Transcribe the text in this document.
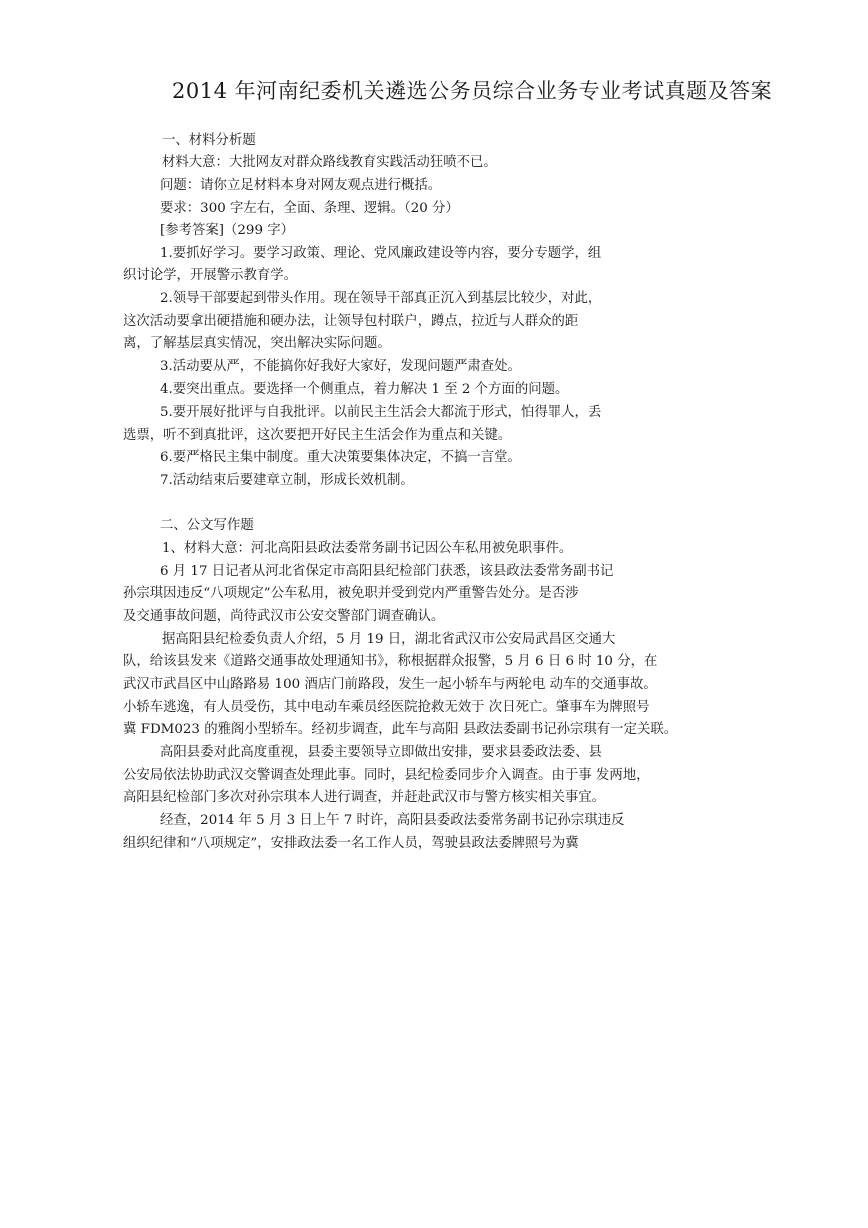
2014 年河南纪委机关遴选公务员综合业务专业考试真题及答案
一、材料分析题
材料大意：大批网友对群众路线教育实践活动狂喷不已。
问题：请你立足材料本身对网友观点进行概括。
要求：300 字左右，全面、条理、逻辑。（20 分）
[参考答案]（299 字）
1.要抓好学习。要学习政策、理论、党风廉政建设等内容，要分专题学，组
织讨论学，开展警示教育学。
2.领导干部要起到带头作用。现在领导干部真正沉入到基层比较少，对此，
这次活动要拿出硬措施和硬办法，让领导包村联户，蹲点，拉近与人群众的距
离，了解基层真实情况，突出解决实际问题。
3.活动要从严，不能搞你好我好大家好，发现问题严肃查处。
4.要突出重点。要选择一个侧重点，着力解决 1 至 2 个方面的问题。
5.要开展好批评与自我批评。以前民主生活会大都流于形式，怕得罪人，丢
选票，听不到真批评，这次要把开好民主生活会作为重点和关键。
6.要严格民主集中制度。重大决策要集体决定，不搞一言堂。
7.活动结束后要建章立制，形成长效机制。
二、公文写作题
1、材料大意：河北高阳县政法委常务副书记因公车私用被免职事件。
6 月 17 日记者从河北省保定市高阳县纪检部门获悉，该县政法委常务副书记
孙宗琪因违反“八项规定”公车私用，被免职并受到党内严重警告处分。是否涉
及交通事故问题，尚待武汉市公安交警部门调查确认。
据高阳县纪检委负责人介绍，5 月 19 日，湖北省武汉市公安局武昌区交通大
队，给该县发来《道路交通事故处理通知书》，称根据群众报警，5 月 6 日 6 时 10 分，在
武汉市武昌区中山路路易 100 酒店门前路段，发生一起小轿车与两轮电 动车的交通事故。
小轿车逃逸，有人员受伤，其中电动车乘员经医院抢救无效于 次日死亡。肇事车为牌照号
冀 FDM023 的雅阁小型轿车。经初步调查，此车与高阳 县政法委副书记孙宗琪有一定关联。
高阳县委对此高度重视，县委主要领导立即做出安排，要求县委政法委、县
公安局依法协助武汉交警调查处理此事。同时，县纪检委同步介入调查。由于事 发两地，
高阳县纪检部门多次对孙宗琪本人进行调查，并赶赴武汉市与警方核实相关事宜。
经查，2014 年 5 月 3 日上午 7 时许，高阳县委政法委常务副书记孙宗琪违反
组织纪律和“八项规定”，安排政法委一名工作人员，驾驶县政法委牌照号为冀
